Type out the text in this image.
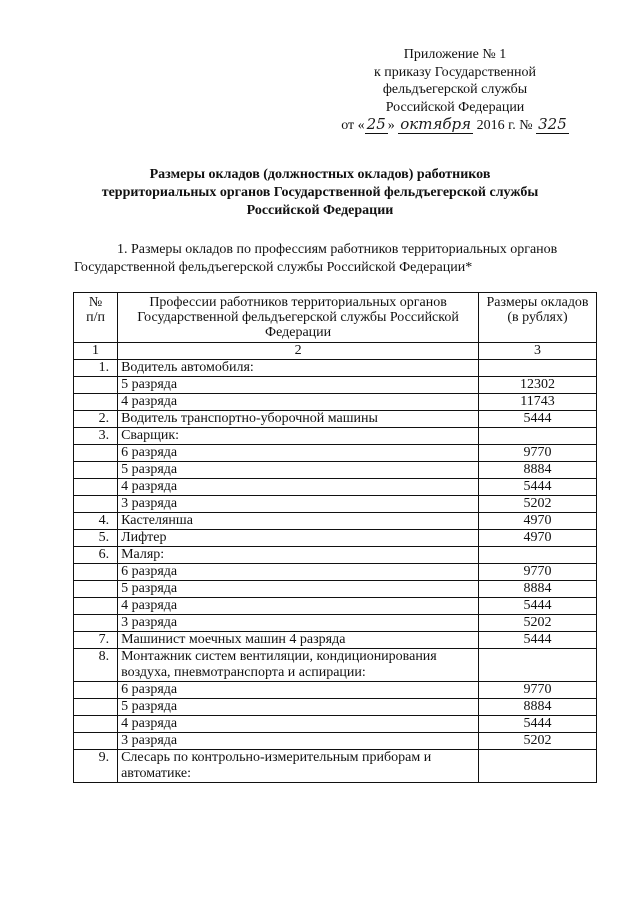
Приложение № 1
к приказу Государственной
фельдъегерской службы
Российской Федерации
от « 25 » октября 2016 г. № 325
Размеры окладов (должностных окладов) работников
территориальных органов Государственной фельдъегерской службы
Российской Федерации
1. Размеры окладов по профессиям работников территориальных органов
Государственной фельдъегерской службы Российской Федерации*
№
п/п	Профессии работников территориальных органов Государственной фельдъегерской службы Российской Федерации	Размеры окладов (в рублях)
1	2	3
1.	Водитель автомобиля:	
	5 разряда	12302
	4 разряда	11743
2.	Водитель транспортно-уборочной машины	5444
3.	Сварщик:	
	6 разряда	9770
	5 разряда	8884
	4 разряда	5444
	3 разряда	5202
4.	Кастелянша	4970
5.	Лифтер	4970
6.	Маляр:	
	6 разряда	9770
	5 разряда	8884
	4 разряда	5444
	3 разряда	5202
7.	Машинист моечных машин 4 разряда	5444
8.	Монтажник систем вентиляции, кондиционирования воздуха, пневмотранспорта и аспирации:	
	6 разряда	9770
	5 разряда	8884
	4 разряда	5444
	3 разряда	5202
9.	Слесарь по контрольно-измерительным приборам и автоматике:	
